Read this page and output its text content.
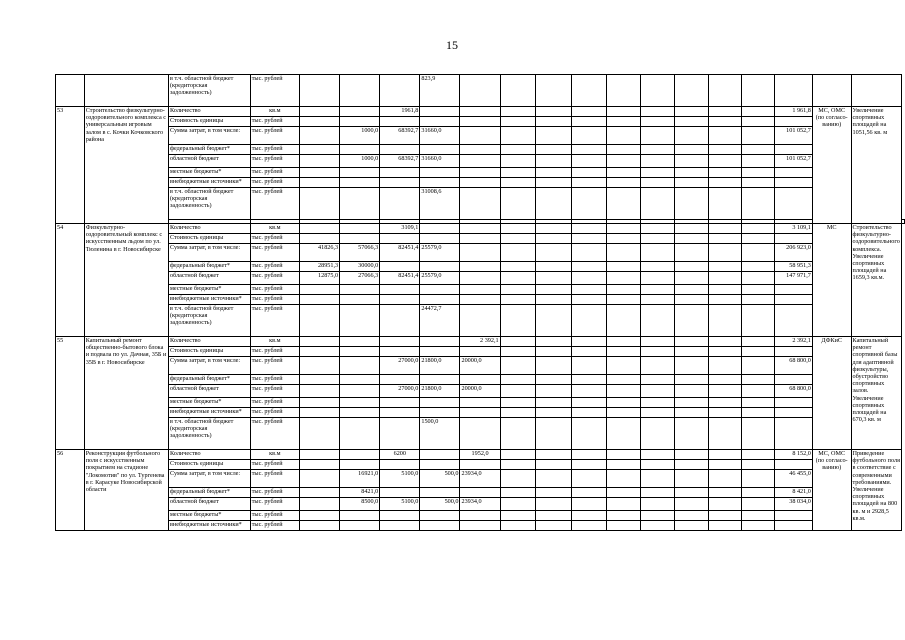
15
		в т.ч. областной бюджет (кредиторская задолженность)	тыс. рублей				823,9													
53	Строительство физкультурно-оздоровительного комплекса с универсальным игровым залом в с. Кочки Кочковского района	Количество	кв.м			1961,8											1 961,8	МС, ОМС (по согласо-ванию)	Увеличение спортивных площадей на 1051,56 кв. м	
		Стоимость единицы	тыс. рублей																	
		Сумма затрат, в том числе:	тыс. рублей		1000,0	68392,7	31660,0										101 052,7			
		федеральный бюджет*	тыс. рублей																	
		областной бюджет	тыс. рублей		1000,0	68392,7	31660,0										101 052,7			
		местные бюджеты*	тыс. рублей																	
		внебюджетные источники*	тыс. рублей																	
		в т.ч. областной бюджет (кредиторская задолженность)	тыс. рублей				31008,6													

54	Физкультурно-оздоровительный комплекс с искусственным льдом по ул. Тюленина в г. Новосибирске	Количество	кв.м			3109,1											3 109,1	МС	Строительство физкультурно-оздоровительного комплекса. Увеличение спортивных площадей на 1659,3 кв.м.	
		Стоимость единицы	тыс. рублей																	
		Сумма затрат, в том числе:	тыс. рублей	41826,3	57066,3	82451,4	25579,0										206 923,0			
		федеральный бюджет*	тыс. рублей	28951,3	30000,0												58 951,3			
		областной бюджет	тыс. рублей	12875,0	27066,3	82451,4	25579,0										147 971,7			
		местные бюджеты*	тыс. рублей																	
		внебюджетные источники*	тыс. рублей																	
		в т.ч. областной бюджет (кредиторская задолженность)	тыс. рублей				24472,7													
55	Капитальный ремонт общественно-бытового блока и подвала по ул. Дачная, 35Б и 35В в г. Новосибирске	Количество	кв.м					2 392,1									2 392,1	ДФКиС	Капитальный ремонт спортивной базы для адаптивной физкультуры, обустройство спортивных залов. Увеличение спортивных площадей на 670,3 кв. м	
		Стоимость единицы	тыс. рублей																	
		Сумма затрат, в том числе:	тыс. рублей			27000,0	21800,0	20000,0									68 800,0			
		федеральный бюджет*	тыс. рублей																	
		областной бюджет	тыс. рублей			27000,0	21800,0	20000,0									68 800,0			
		местные бюджеты*	тыс. рублей																	
		внебюджетные источники*	тыс. рублей																	
		в т.ч. областной бюджет (кредиторская задолженность)	тыс. рублей				1500,0													
56	Реконструкция футбольного поля с искусственным покрытием на стадионе "Локомотив" по ул. Тургенева в г. Карасуке Новосибирской области	Количество	кв.м			6200		1952,0									8 152,0	МС, ОМС (по согласо-ванию)	Приведение футбольного поля в соответствие с современными требованиями. Увеличение спортивных площадей на 800 кв. м и 2928,5 кв.м.	
		Стоимость единицы	тыс. рублей																	
		Сумма затрат, в том числе:	тыс. рублей		16921,0	5100,0	500,0	23934,0									46 455,0			
		федеральный бюджет*	тыс. рублей		8421,0												8 421,0			
		областной бюджет	тыс. рублей		8500,0	5100,0	500,0	23934,0									38 034,0			
		местные бюджеты*	тыс. рублей																	
		внебюджетные источники*	тыс. рублей																	
